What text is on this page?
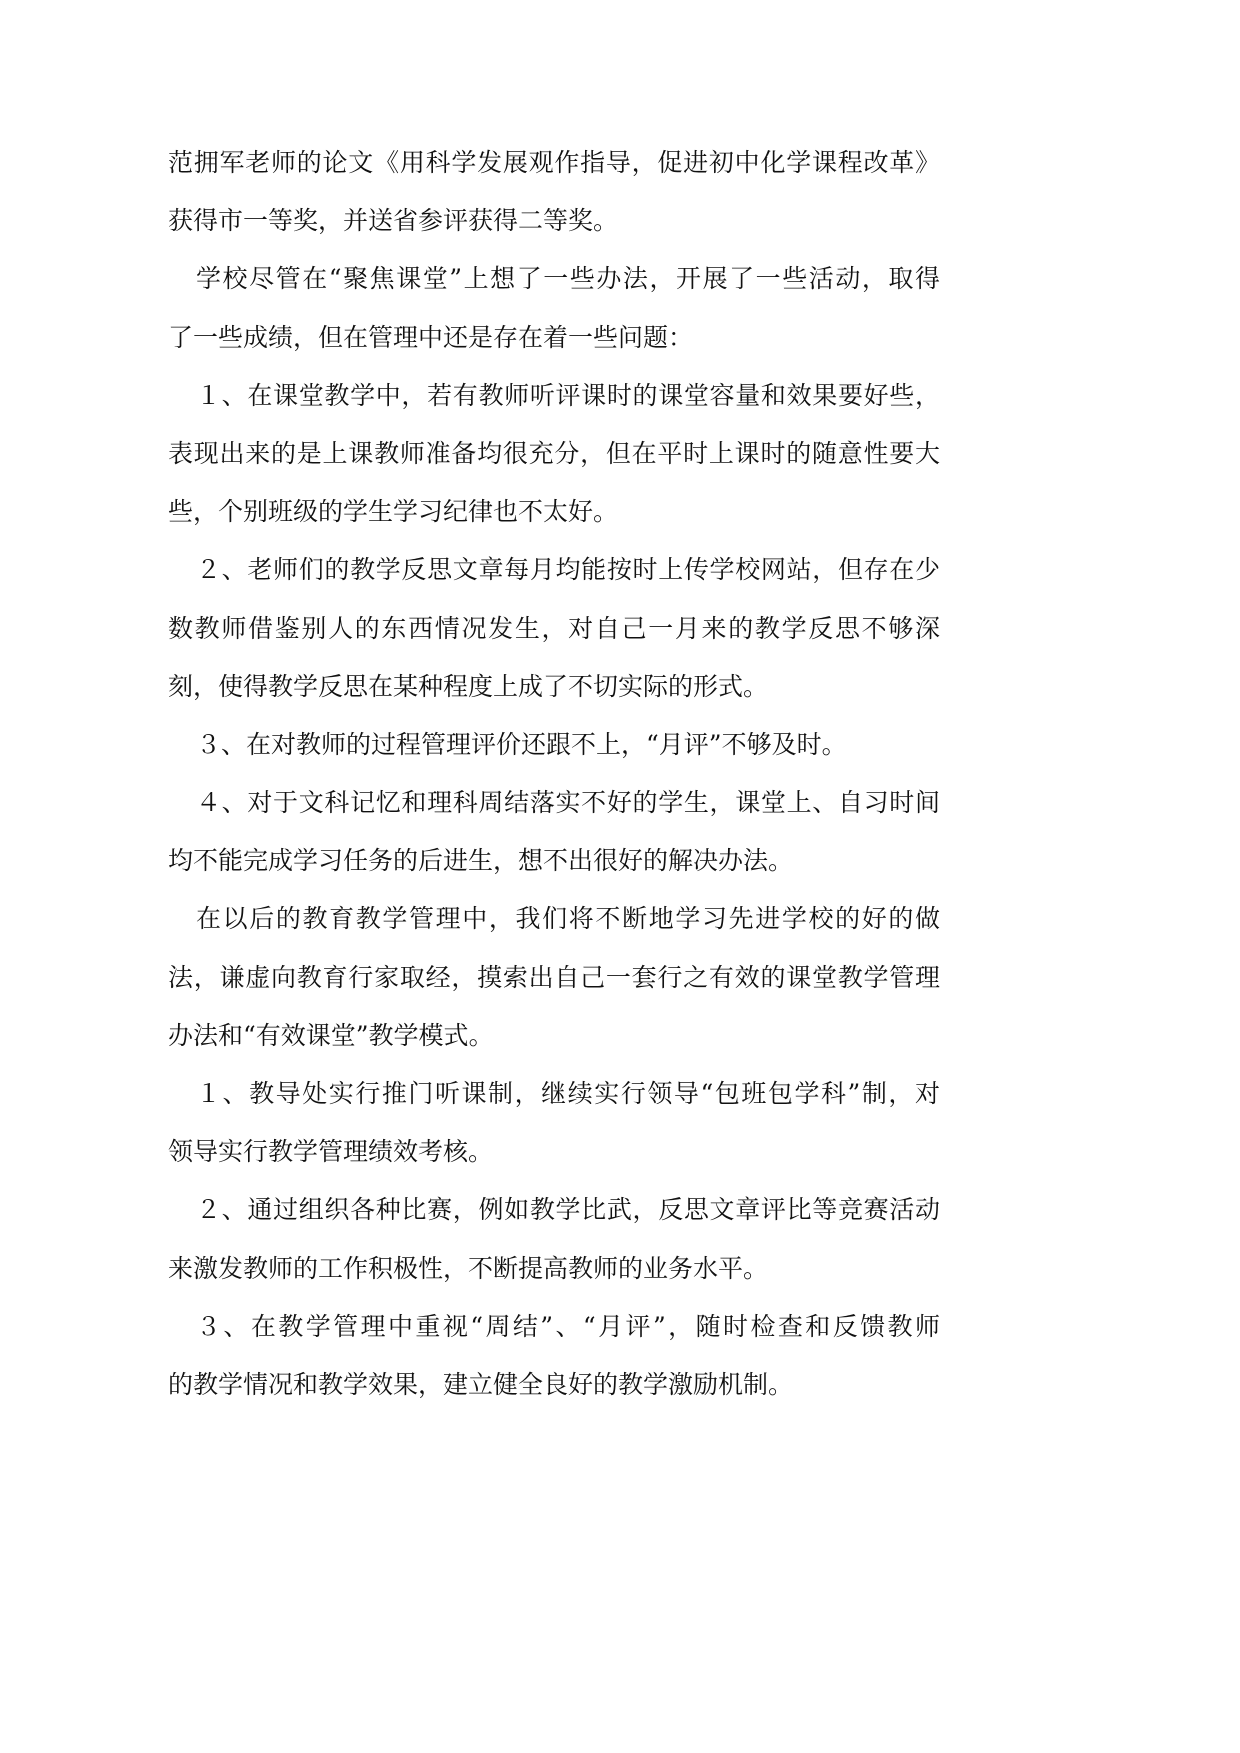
范拥军老师的论文《用科学发展观作指导，促进初中化学课程改革》
获得市一等奖，并送省参评获得二等奖。
学校尽管在“聚焦课堂”上想了一些办法，开展了一些活动，取得
了一些成绩，但在管理中还是存在着一些问题：
１、在课堂教学中，若有教师听评课时的课堂容量和效果要好些，
表现出来的是上课教师准备均很充分，但在平时上课时的随意性要大
些，个别班级的学生学习纪律也不太好。
２、老师们的教学反思文章每月均能按时上传学校网站，但存在少
数教师借鉴别人的东西情况发生，对自己一月来的教学反思不够深
刻，使得教学反思在某种程度上成了不切实际的形式。
３、在对教师的过程管理评价还跟不上，“月评”不够及时。
４、对于文科记忆和理科周结落实不好的学生，课堂上、自习时间
均不能完成学习任务的后进生，想不出很好的解决办法。
在以后的教育教学管理中，我们将不断地学习先进学校的好的做
法，谦虚向教育行家取经，摸索出自己一套行之有效的课堂教学管理
办法和“有效课堂”教学模式。
１、教导处实行推门听课制，继续实行领导“包班包学科”制，对
领导实行教学管理绩效考核。
２、通过组织各种比赛，例如教学比武，反思文章评比等竞赛活动
来激发教师的工作积极性，不断提高教师的业务水平。
３、在教学管理中重视“周结”、“月评”，随时检查和反馈教师
的教学情况和教学效果，建立健全良好的教学激励机制。
